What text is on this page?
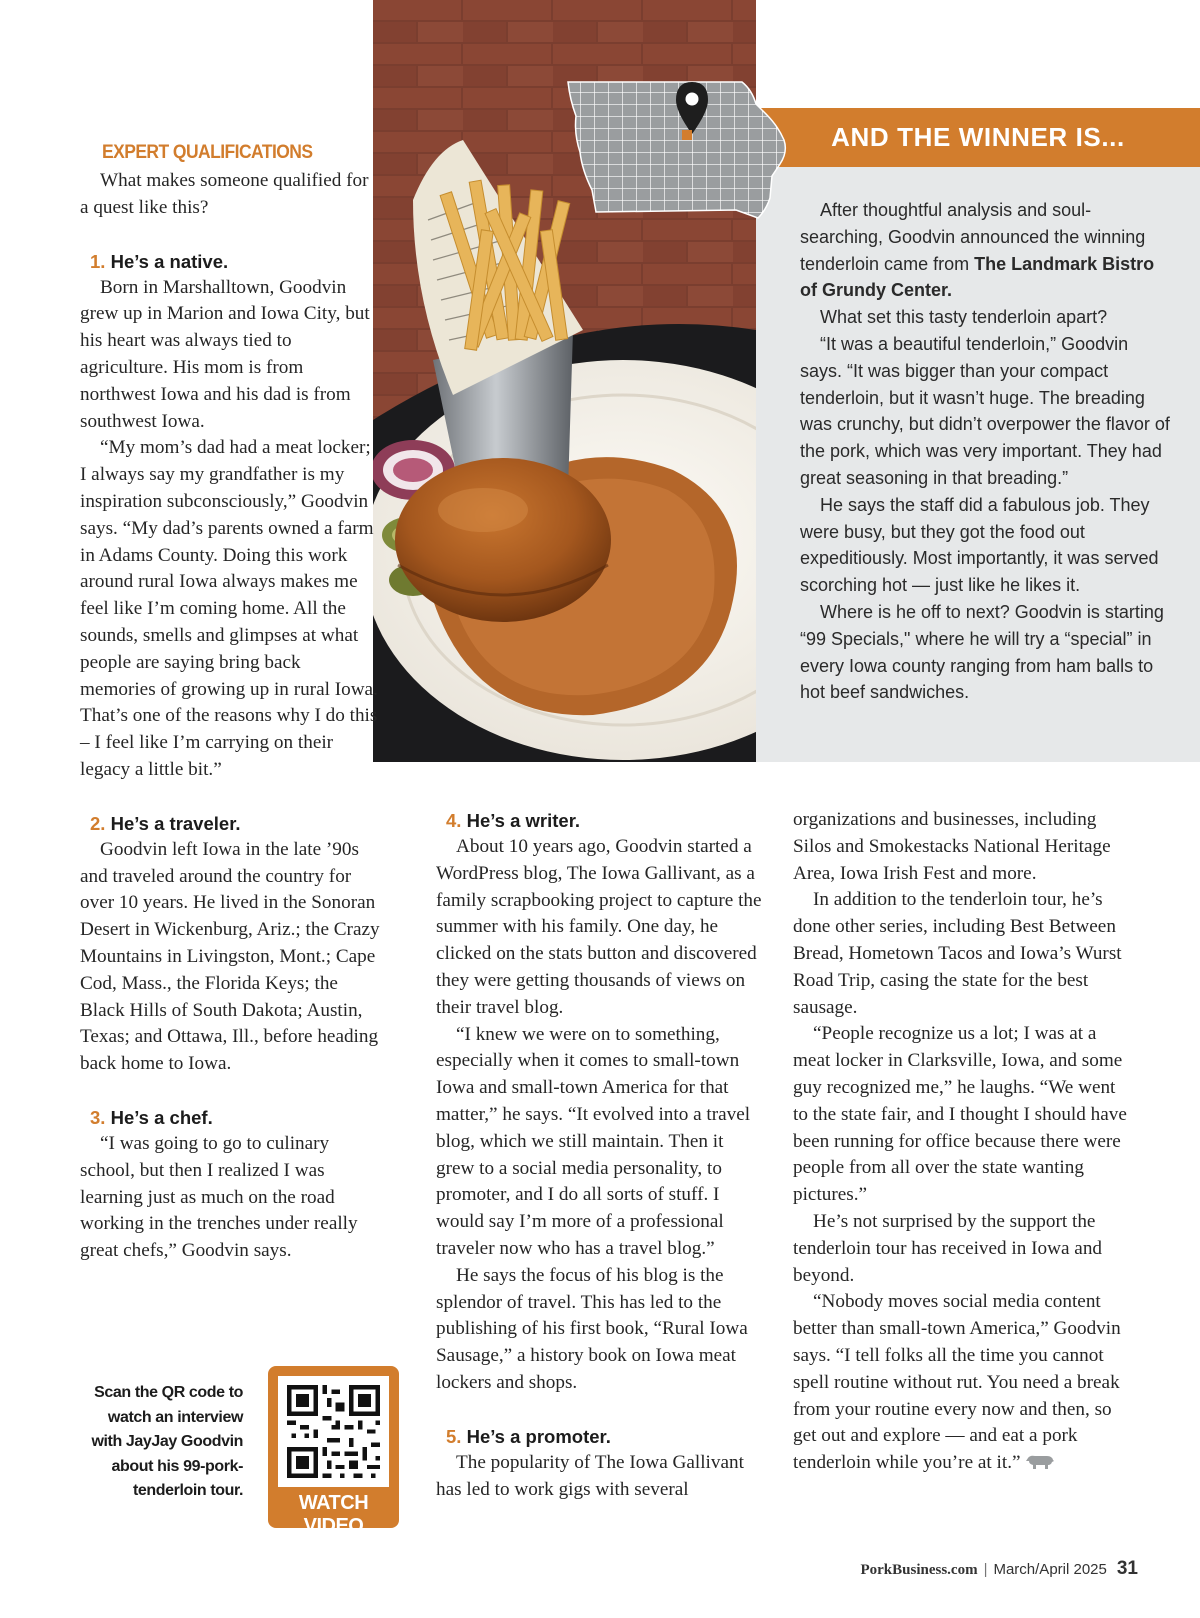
AND THE WINNER IS...

After thoughtful analysis and soul-searching, Goodvin announced the winning tenderloin came from The Landmark Bistro of Grundy Center.

What set this tasty tenderloin apart?

“It was a beautiful tenderloin,” Goodvin says. “It was bigger than your compact tenderloin, but it wasn’t huge. The breading was crunchy, but didn’t overpower the flavor of the pork, which was very important. They had great seasoning in that breading.”

He says the staff did a fabulous job. They were busy, but they got the food out expeditiously. Most importantly, it was served scorching hot — just like he likes it.

Where is he off to next? Goodvin is starting “99 Specials," where he will try a “special” in every Iowa county ranging from ham balls to hot beef sandwiches.

EXPERT QUALIFICATIONS

What makes someone qualified for a quest like this?

1. He’s a native.

Born in Marshalltown, Goodvin grew up in Marion and Iowa City, but his heart was always tied to agriculture. His mom is from northwest Iowa and his dad is from southwest Iowa.

“My mom’s dad had a meat locker; I always say my grandfather is my inspiration subconsciously,” Goodvin says. “My dad’s parents owned a farm in Adams County. Doing this work around rural Iowa always makes me feel like I’m coming home. All the sounds, smells and glimpses at what people are saying bring back memories of growing up in rural Iowa. That’s one of the reasons why I do this – I feel like I’m carrying on their legacy a little bit.”

2. He’s a traveler.

Goodvin left Iowa in the late ’90s and traveled around the country for over 10 years. He lived in the Sonoran Desert in Wickenburg, Ariz.; the Crazy Mountains in Livingston, Mont.; Cape Cod, Mass., the Florida Keys; the Black Hills of South Dakota; Austin, Texas; and Ottawa, Ill., before heading back home to Iowa.

3. He’s a chef.

“I was going to go to culinary school, but then I realized I was learning just as much on the road working in the trenches under really great chefs,” Goodvin says.

4. He’s a writer.

About 10 years ago, Goodvin started a WordPress blog, The Iowa Gallivant, as a family scrapbooking project to capture the summer with his family. One day, he clicked on the stats button and discovered they were getting thousands of views on their travel blog.

“I knew we were on to something, especially when it comes to small-town Iowa and small-town America for that matter,” he says. “It evolved into a travel blog, which we still maintain. Then it grew to a social media personality, to promoter, and I do all sorts of stuff. I would say I’m more of a professional traveler now who has a travel blog.”

He says the focus of his blog is the splendor of travel. This has led to the publishing of his first book, “Rural Iowa Sausage,” a history book on Iowa meat lockers and shops.

5. He’s a promoter.

The popularity of The Iowa Gallivant has led to work gigs with several

organizations and businesses, including Silos and Smokestacks National Heritage Area, Iowa Irish Fest and more.

In addition to the tenderloin tour, he’s done other series, including Best Between Bread, Hometown Tacos and Iowa’s Wurst Road Trip, casing the state for the best sausage.

“People recognize us a lot; I was at a meat locker in Clarksville, Iowa, and some guy recognized me,” he laughs. “We went to the state fair, and I thought I should have been running for office because there were people from all over the state wanting pictures.”

He’s not surprised by the support the tenderloin tour has received in Iowa and beyond.

“Nobody moves social media content better than small-town America,” Goodvin says. “I tell folks all the time you cannot spell routine without rut. You need a break from your routine every now and then, so get out and explore — and eat a pork tenderloin while you’re at it.”

Scan the QR code to watch an interview with JayJay Goodvin about his 99-pork-tenderloin tour.
WATCH VIDEO
PorkBusiness.com | March/April 2025 31
